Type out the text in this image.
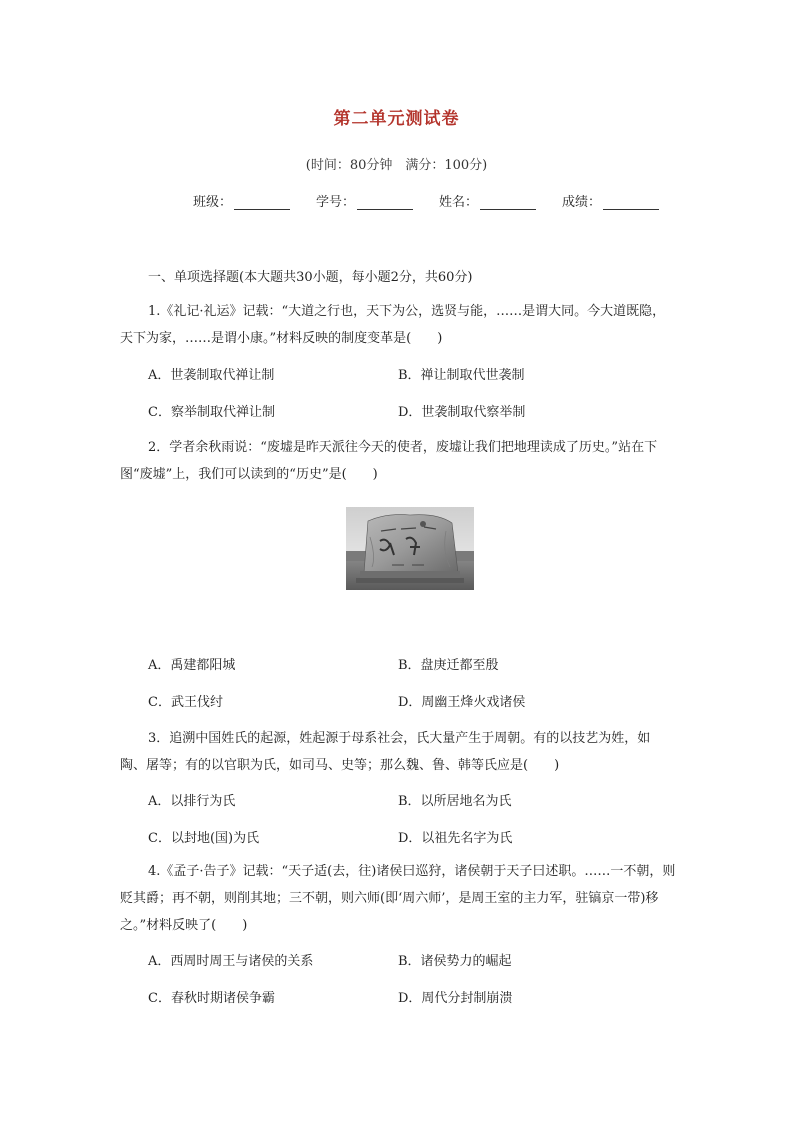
第二单元测试卷
(时间：80分钟　满分：100分)
班级：	学号：	姓名：	成绩：
一、单项选择题(本大题共30小题，每小题2分，共60分)
1.《礼记·礼运》记载：“大道之行也，天下为公，选贤与能，……是谓大同。今大道既隐，天下为家，……是谓小康。”材料反映的制度变革是(　　)
A．世袭制取代禅让制	B．禅让制取代世袭制
C．察举制取代禅让制	D．世袭制取代察举制
2．学者余秋雨说：“废墟是昨天派往今天的使者，废墟让我们把地理读成了历史。”站在下图“废墟”上，我们可以读到的“历史”是(　　)
A．禹建都阳城	B．盘庚迁都至殷
C．武王伐纣	D．周幽王烽火戏诸侯
3．追溯中国姓氏的起源，姓起源于母系社会，氏大量产生于周朝。有的以技艺为姓，如陶、屠等；有的以官职为氏，如司马、史等；那么魏、鲁、韩等氏应是(　　)
A．以排行为氏	B．以所居地名为氏
C．以封地(国)为氏	D．以祖先名字为氏
4.《孟子·告子》记载：“天子适(去，往)诸侯曰巡狩，诸侯朝于天子曰述职。……一不朝，则贬其爵；再不朝，则削其地；三不朝，则六师(即‘周六师’，是周王室的主力军，驻镐京一带)移之。”材料反映了(　　)
A．西周时周王与诸侯的关系	B．诸侯势力的崛起
C．春秋时期诸侯争霸	D．周代分封制崩溃
